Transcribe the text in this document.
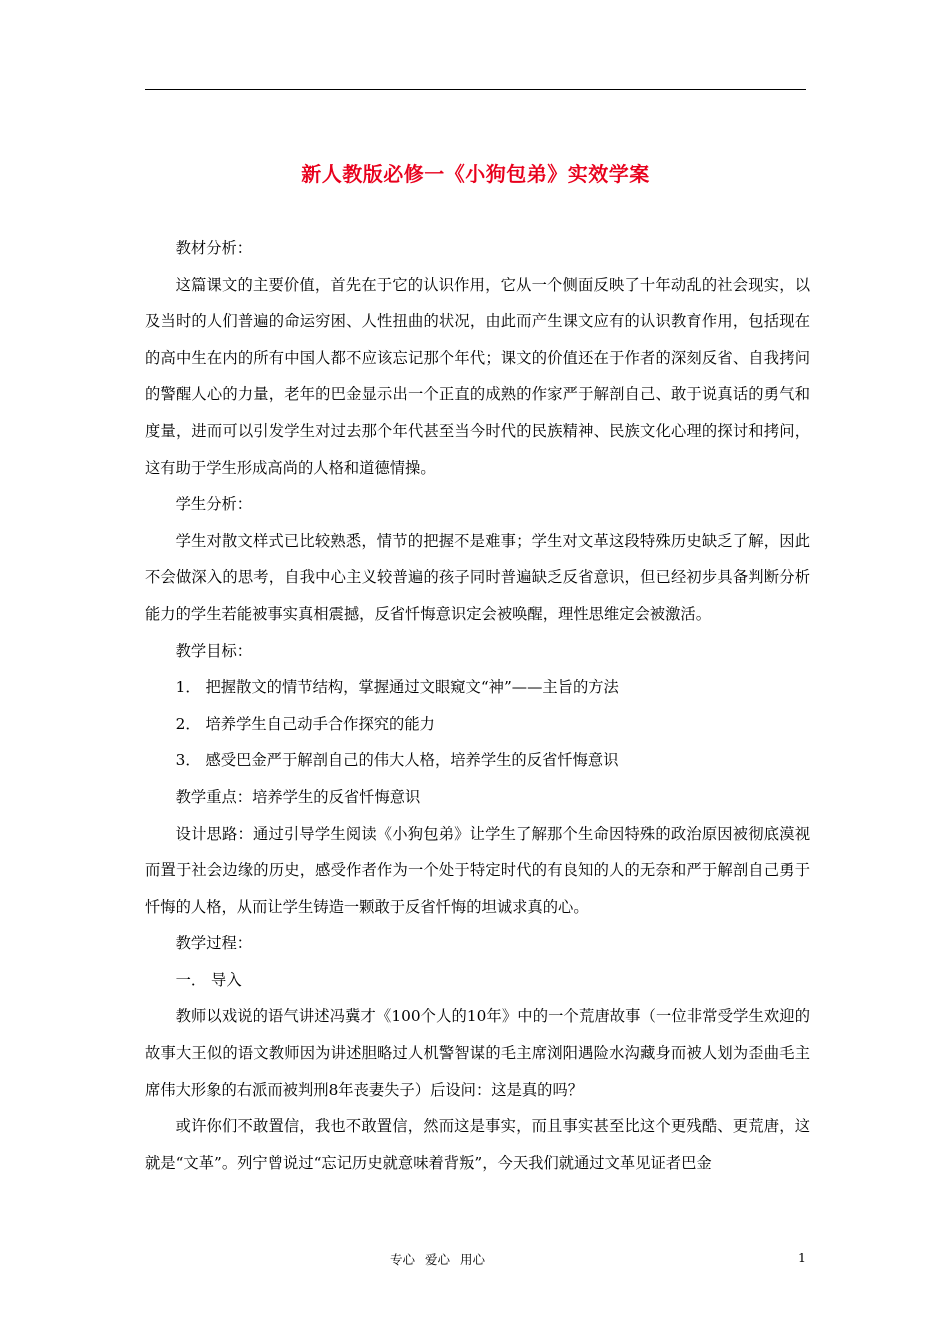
新人教版必修一《小狗包弟》实效学案

教材分析：

这篇课文的主要价值，首先在于它的认识作用，它从一个侧面反映了十年动乱的社会现实，以及当时的人们普遍的命运穷困、人性扭曲的状况，由此而产生课文应有的认识教育作用，包括现在的高中生在内的所有中国人都不应该忘记那个年代；课文的价值还在于作者的深刻反省、自我拷问的警醒人心的力量，老年的巴金显示出一个正直的成熟的作家严于解剖自己、敢于说真话的勇气和度量，进而可以引发学生对过去那个年代甚至当今时代的民族精神、民族文化心理的探讨和拷问，这有助于学生形成高尚的人格和道德情操。

学生分析：

学生对散文样式已比较熟悉，情节的把握不是难事；学生对文革这段特殊历史缺乏了解，因此不会做深入的思考，自我中心主义较普遍的孩子同时普遍缺乏反省意识，但已经初步具备判断分析能力的学生若能被事实真相震撼，反省忏悔意识定会被唤醒，理性思维定会被激活。

教学目标：

1． 把握散文的情节结构，掌握通过文眼窥文“神”——主旨的方法

2． 培养学生自己动手合作探究的能力

3． 感受巴金严于解剖自己的伟大人格，培养学生的反省忏悔意识

教学重点：培养学生的反省忏悔意识

设计思路：通过引导学生阅读《小狗包弟》让学生了解那个生命因特殊的政治原因被彻底漠视而置于社会边缘的历史，感受作者作为一个处于特定时代的有良知的人的无奈和严于解剖自己勇于忏悔的人格，从而让学生铸造一颗敢于反省忏悔的坦诚求真的心。

教学过程：

一． 导入

教师以戏说的语气讲述冯冀才《100个人的10年》中的一个荒唐故事（一位非常受学生欢迎的故事大王似的语文教师因为讲述胆略过人机警智谋的毛主席浏阳遇险水沟藏身而被人划为歪曲毛主席伟大形象的右派而被判刑8年丧妻失子）后设问：这是真的吗？

或许你们不敢置信，我也不敢置信，然而这是事实，而且事实甚至比这个更残酷、更荒唐，这就是“文革”。列宁曾说过“忘记历史就意味着背叛”，今天我们就通过文革见证者巴金

专心 爱心 用心	1
